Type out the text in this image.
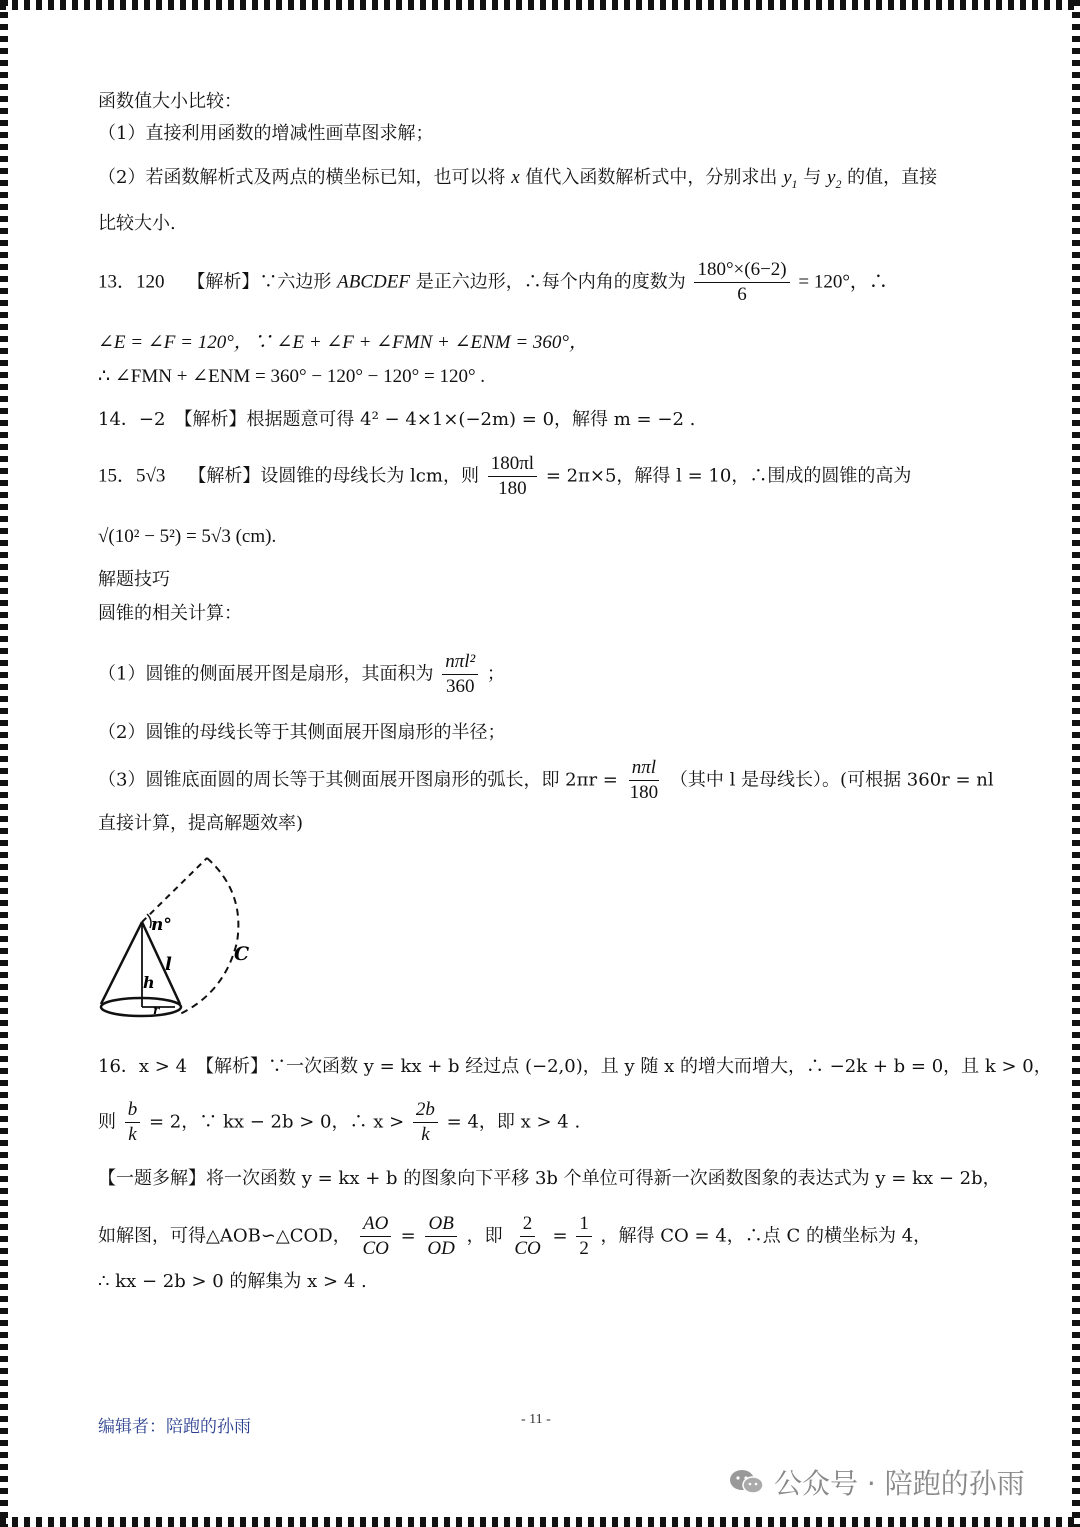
函数值大小比较：
（1）直接利用函数的增减性画草图求解；
（2）若函数解析式及两点的横坐标已知，也可以将 x 值代入函数解析式中，分别求出 $y_1$ 与 $y_2$ 的值，直接
比较大小.
13．120 【解析】∵六边形 ABCDEF 是正六边形，∴每个内角的度数为 $\frac{180^\circ\times(6-2)}{6} = 120^\circ$，∴
∠E = ∠F = 120°，∵ ∠E + ∠F + ∠FMN + ∠ENM = 360°，
∴ ∠FMN + ∠ENM = 360° − 120° − 120° = 120° .
14．−2　【解析】根据题意可得 4² − 4×1×(−2m) = 0，解得 m = −2 .
15．5√3 【解析】设圆锥的母线长为 lcm，则 $\frac{180\pi l}{180} = 2\pi\times 5$，解得 l = 10，∴围成的圆锥的高为
√(10² − 5²) = 5√3 (cm).
解题技巧
圆锥的相关计算：
（1）圆锥的侧面展开图是扇形，其面积为 $\frac{\text{nπl²}}{360}$ ；
（2）圆锥的母线长等于其侧面展开图扇形的半径；
（3）圆锥底面圆的周长等于其侧面展开图扇形的弧长，即 $2\pi r = \frac{\text{nπl}}{180}$ （其中 l 是母线长）。(可根据 360r = nl
直接计算，提高解题效率)
n°
l
h
r
C
16．x > 4　【解析】∵一次函数 y = kx + b 经过点 (−2,0)，且 y 随 x 的增大而增大，∴ −2k + b = 0，且 k > 0，
则 $\frac{b}{k} = 2$，∵ kx − 2b > 0，∴ $x > \frac{2b}{k} = 4$，即 x > 4 .
【一题多解】将一次函数 y = kx + b 的图象向下平移 3b 个单位可得新一次函数图象的表达式为 y = kx − 2b，
如解图，可得△AOB∽△COD， $\frac{AO}{CO} = \frac{OB}{OD}$ ，即 $\frac{2}{CO} = \frac{1}{2}$ ，解得 CO = 4，∴点 C 的横坐标为 4，
∴ kx − 2b > 0 的解集为 x > 4 .
编辑者：陪跑的孙雨	- 11 -
公众号 · 陪跑的孙雨
